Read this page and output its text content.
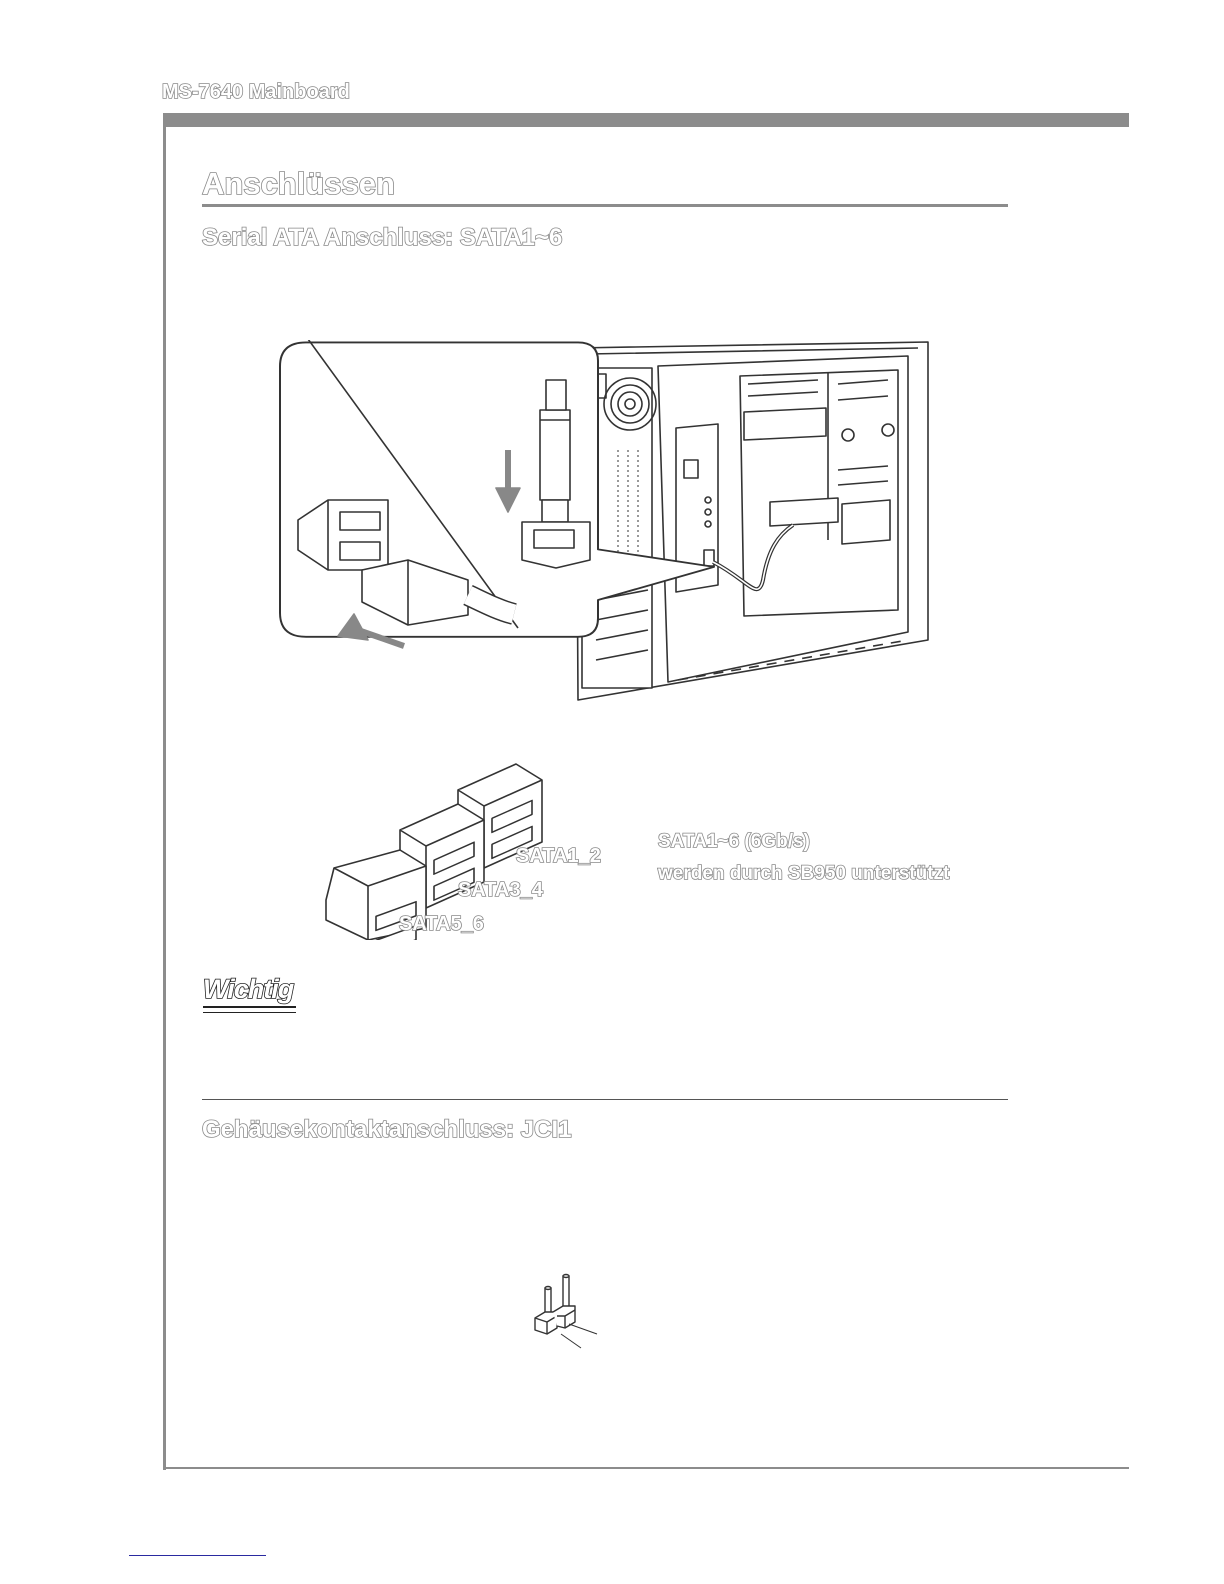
MS-7640 Mainboard
Anschlüssen
Serial ATA Anschluss: SATA1~6
SATA1_2
SATA3_4
SATA5_6
SATA1~6 (6Gb/s)
werden durch SB950 unterstützt
Wichtig
Gehäusekontaktanschluss: JCI1
